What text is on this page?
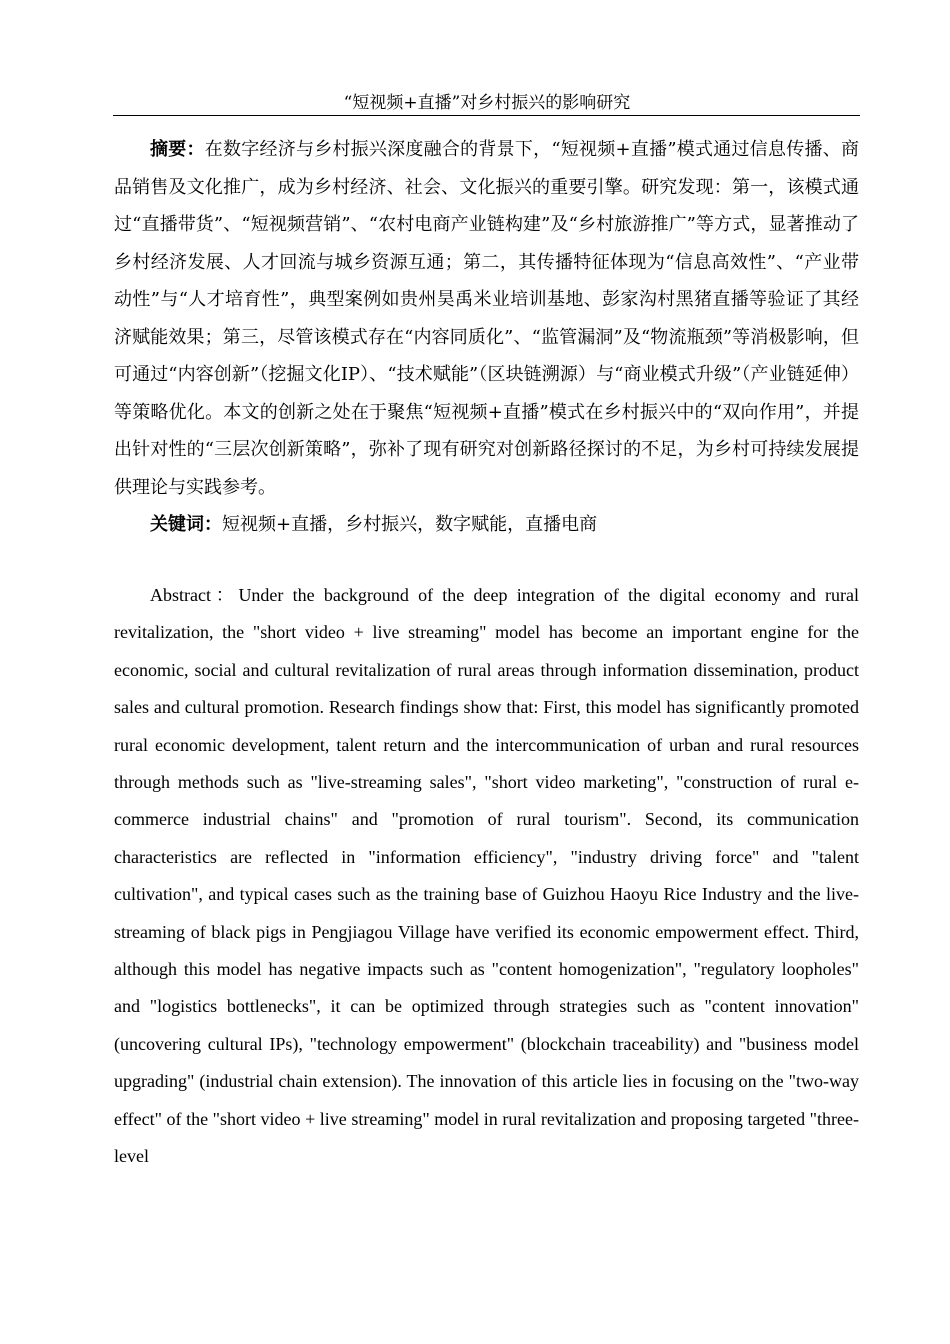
“短视频+直播”对乡村振兴的影响研究

摘要：在数字经济与乡村振兴深度融合的背景下，“短视频+直播”模式通过信息传播、商品销售及文化推广，成为乡村经济、社会、文化振兴的重要引擎。研究发现：第一，该模式通过“直播带货”、“短视频营销”、“农村电商产业链构建”及“乡村旅游推广”等方式，显著推动了乡村经济发展、人才回流与城乡资源互通；第二，其传播特征体现为“信息高效性”、“产业带动性”与“人才培育性”，典型案例如贵州昊禹米业培训基地、彭家沟村黑猪直播等验证了其经济赋能效果；第三，尽管该模式存在“内容同质化”、“监管漏洞”及“物流瓶颈”等消极影响，但可通过“内容创新”（挖掘文化IP）、“技术赋能”（区块链溯源）与“商业模式升级”（产业链延伸）等策略优化。本文的创新之处在于聚焦“短视频+直播”模式在乡村振兴中的“双向作用”，并提出针对性的“三层次创新策略”，弥补了现有研究对创新路径探讨的不足，为乡村可持续发展提供理论与实践参考。

关键词：短视频+直播，乡村振兴，数字赋能，直播电商

Abstract：Under the background of the deep integration of the digital economy and rural revitalization, the "short video + live streaming" model has become an important engine for the economic, social and cultural revitalization of rural areas through information dissemination, product sales and cultural promotion. Research findings show that: First, this model has significantly promoted rural economic development, talent return and the intercommunication of urban and rural resources through methods such as "live-streaming sales", "short video marketing", "construction of rural e-commerce industrial chains" and "promotion of rural tourism". Second, its communication characteristics are reflected in "information efficiency", "industry driving force" and "talent cultivation", and typical cases such as the training base of Guizhou Haoyu Rice Industry and the live-streaming of black pigs in Pengjiagou Village have verified its economic empowerment effect. Third, although this model has negative impacts such as "content homogenization", "regulatory loopholes" and "logistics bottlenecks", it can be optimized through strategies such as "content innovation" (uncovering cultural IPs), "technology empowerment" (blockchain traceability) and "business model upgrading" (industrial chain extension). The innovation of this article lies in focusing on the "two-way effect" of the "short video + live streaming" model in rural revitalization and proposing targeted "three-level
